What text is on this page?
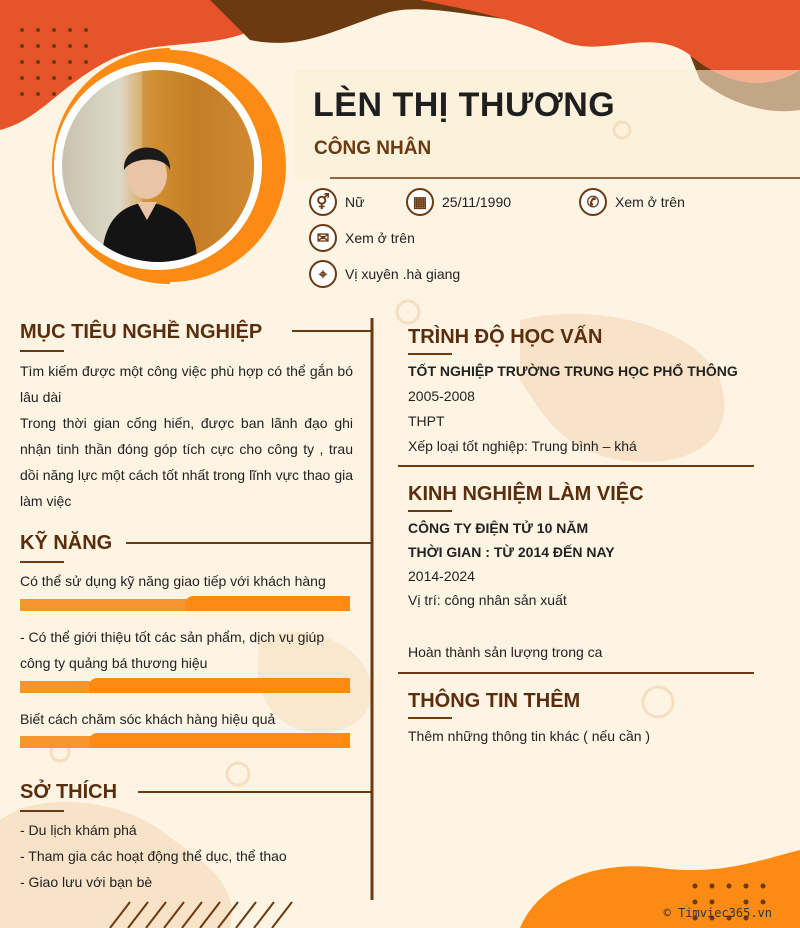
LÈN THỊ THƯƠNG
CÔNG NHÂN
⚥	Nữ	▦	25/11/1990	✆	Xem ở trên
✉	Xem ở trên
⌖	Vị xuyên .hà giang
MỤC TIÊU NGHỀ NGHIỆP
Tìm kiếm được một công việc phù hợp có thể gắn bó lâu dài
Trong thời gian cống hiến, được ban lãnh đạo ghi nhận tinh thần đóng góp tích cực cho công ty , trau dồi năng lực một cách tốt nhất trong lĩnh vực thao gia làm việc
KỸ NĂNG
Có thể sử dụng kỹ năng giao tiếp với khách hàng
- Có thể giới thiệu tốt các sản phẩm, dịch vụ giúp công ty quảng bá thương hiệu
Biết cách chăm sóc khách hàng hiệu quả
SỞ THÍCH
- Du lịch khám phá
- Tham gia các hoạt động thể dục, thể thao
- Giao lưu với bạn bè
TRÌNH ĐỘ HỌC VẤN
TỐT NGHIỆP TRƯỜNG TRUNG HỌC PHỔ THÔNG
2005-2008
THPT
Xếp loại tốt nghiệp: Trung bình – khá
KINH NGHIỆM LÀM VIỆC
CÔNG TY ĐIỆN TỬ 10 NĂM
THỜI GIAN : TỪ 2014 ĐẾN NAY
2014-2024
Vị trí: công nhân sản xuất
Hoàn thành sản lượng trong ca
THÔNG TIN THÊM
Thêm những thông tin khác ( nếu cần )
© Timviec365.vn
